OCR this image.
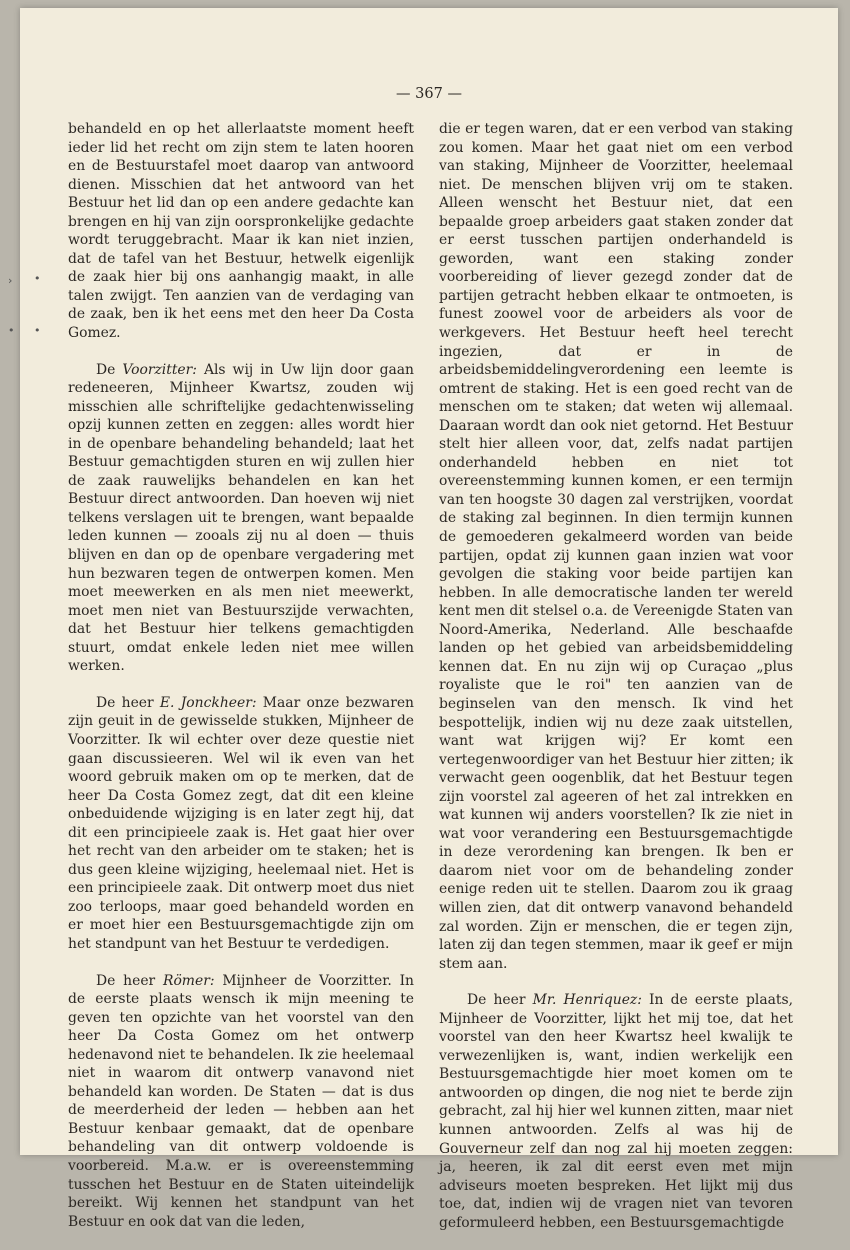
— 367 —
› •
• •

behandeld en op het allerlaatste moment heeft ieder lid het recht om zijn stem te laten hooren en de Bestuurstafel moet daarop van antwoord dienen. Misschien dat het antwoord van het Bestuur het lid dan op een andere gedachte kan brengen en hij van zijn oorspronkelijke gedachte wordt teruggebracht. Maar ik kan niet inzien, dat de tafel van het Bestuur, hetwelk eigenlijk de zaak hier bij ons aanhangig maakt, in alle talen zwijgt. Ten aanzien van de verdaging van de zaak, ben ik het eens met den heer Da Costa Gomez.

De Voorzitter: Als wij in Uw lijn door gaan redeneeren, Mijnheer Kwartsz, zouden wij misschien alle schriftelijke gedachtenwisseling opzij kunnen zetten en zeggen: alles wordt hier in de openbare behandeling behandeld; laat het Bestuur gemachtigden sturen en wij zullen hier de zaak rauwelijks behandelen en kan het Bestuur direct antwoorden. Dan hoeven wij niet telkens verslagen uit te brengen, want bepaalde leden kunnen — zooals zij nu al doen — thuis blijven en dan op de openbare vergadering met hun bezwaren tegen de ontwerpen komen. Men moet meewerken en als men niet meewerkt, moet men niet van Bestuurszijde verwachten, dat het Bestuur hier telkens gemachtigden stuurt, omdat enkele leden niet mee willen werken.

De heer E. Jonckheer: Maar onze bezwaren zijn geuit in de gewisselde stukken, Mijnheer de Voorzitter. Ik wil echter over deze questie niet gaan discussieeren. Wel wil ik even van het woord gebruik maken om op te merken, dat de heer Da Costa Gomez zegt, dat dit een kleine onbeduidende wijziging is en later zegt hij, dat dit een principieele zaak is. Het gaat hier over het recht van den arbeider om te staken; het is dus geen kleine wijziging, heelemaal niet. Het is een principieele zaak. Dit ontwerp moet dus niet zoo terloops, maar goed behandeld worden en er moet hier een Bestuursgemachtigde zijn om het standpunt van het Bestuur te verdedigen.

De heer Römer: Mijnheer de Voorzitter. In de eerste plaats wensch ik mijn meening te geven ten opzichte van het voorstel van den heer Da Costa Gomez om het ontwerp hedenavond niet te behandelen. Ik zie heelemaal niet in waarom dit ontwerp vanavond niet behandeld kan worden. De Staten — dat is dus de meerderheid der leden — hebben aan het Bestuur kenbaar gemaakt, dat de openbare behandeling van dit ontwerp voldoende is voorbereid. M.a.w. er is overeenstemming tusschen het Bestuur en de Staten uiteindelijk bereikt. Wij kennen het standpunt van het Bestuur en ook dat van die leden,

die er tegen waren, dat er een verbod van staking zou komen. Maar het gaat niet om een verbod van staking, Mijnheer de Voorzitter, heelemaal niet. De menschen blijven vrij om te staken. Alleen wenscht het Bestuur niet, dat een bepaalde groep arbeiders gaat staken zonder dat er eerst tusschen partijen onderhandeld is geworden, want een staking zonder voorbereiding of liever gezegd zonder dat de partijen getracht hebben elkaar te ontmoeten, is funest zoowel voor de arbeiders als voor de werkgevers. Het Bestuur heeft heel terecht ingezien, dat er in de arbeidsbemiddelingverordening een leemte is omtrent de staking. Het is een goed recht van de menschen om te staken; dat weten wij allemaal. Daaraan wordt dan ook niet getornd. Het Bestuur stelt hier alleen voor, dat, zelfs nadat partijen onderhandeld hebben en niet tot overeenstemming kunnen komen, er een termijn van ten hoogste 30 dagen zal verstrijken, voordat de staking zal beginnen. In dien termijn kunnen de gemoederen gekalmeerd worden van beide partijen, opdat zij kunnen gaan inzien wat voor gevolgen die staking voor beide partijen kan hebben. In alle democratische landen ter wereld kent men dit stelsel o.a. de Vereenigde Staten van Noord-Amerika, Nederland. Alle beschaafde landen op het gebied van arbeidsbemiddeling kennen dat. En nu zijn wij op Curaçao „plus royaliste que le roi" ten aanzien van de beginselen van den mensch. Ik vind het bespottelijk, indien wij nu deze zaak uitstellen, want wat krijgen wij? Er komt een vertegenwoordiger van het Bestuur hier zitten; ik verwacht geen oogenblik, dat het Bestuur tegen zijn voorstel zal ageeren of het zal intrekken en wat kunnen wij anders voorstellen? Ik zie niet in wat voor verandering een Bestuursgemachtigde in deze verordening kan brengen. Ik ben er daarom niet voor om de behandeling zonder eenige reden uit te stellen. Daarom zou ik graag willen zien, dat dit ontwerp vanavond behandeld zal worden. Zijn er menschen, die er tegen zijn, laten zij dan tegen stemmen, maar ik geef er mijn stem aan.

De heer Mr. Henriquez: In de eerste plaats, Mijnheer de Voorzitter, lijkt het mij toe, dat het voorstel van den heer Kwartsz heel kwalijk te verwezenlijken is, want, indien werkelijk een Bestuursgemachtigde hier moet komen om te antwoorden op dingen, die nog niet te berde zijn gebracht, zal hij hier wel kunnen zitten, maar niet kunnen antwoorden. Zelfs al was hij de Gouverneur zelf dan nog zal hij moeten zeggen: ja, heeren, ik zal dit eerst even met mijn adviseurs moeten bespreken. Het lijkt mij dus toe, dat, indien wij de vragen niet van tevoren geformuleerd hebben, een Bestuursgemachtigde
